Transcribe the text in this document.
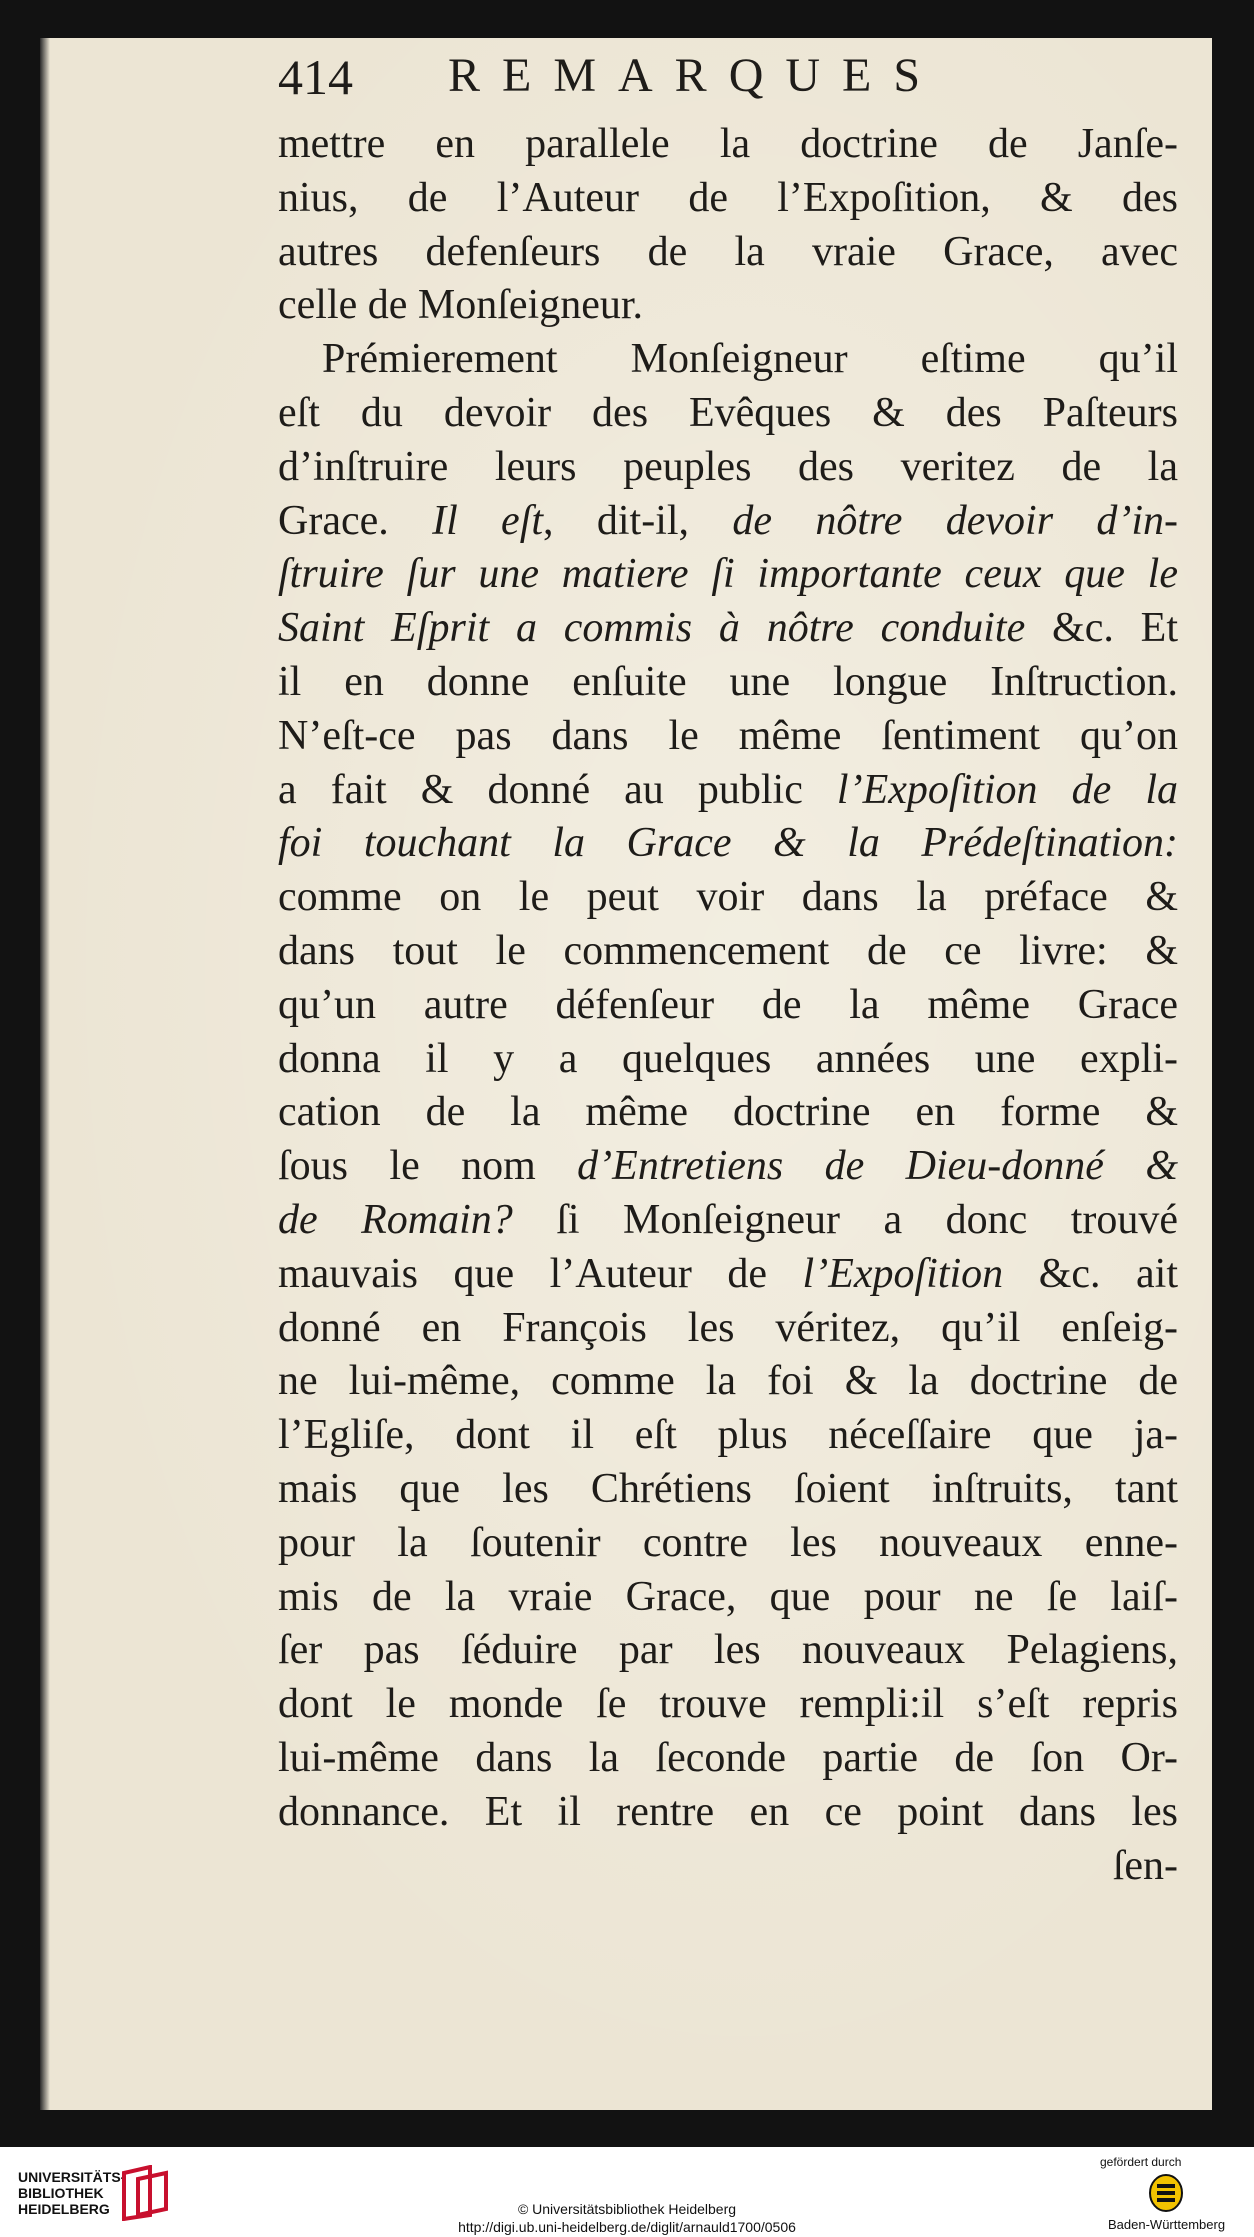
414 REMARQUES
mettre en parallele la doctrine de Janſe-
nius, de l’Auteur de l’Expoſition, & des
autres defenſeurs de la vraie Grace, avec
celle de Monſeigneur.
Prémierement Monſeigneur eſtime qu’il
eſt du devoir des Evêques & des Paſteurs
d’inſtruire leurs peuples des veritez de la
Grace. Il eſt, dit-il, de nôtre devoir d’in-
ſtruire ſur une matiere ſi importante ceux que le
Saint Eſprit a commis à nôtre conduite &c. Et
il en donne enſuite une longue Inſtruction.
N’eſt-ce pas dans le même ſentiment qu’on
a fait & donné au public l’Expoſition de la
foi touchant la Grace & la Prédeſtination:
comme on le peut voir dans la préface &
dans tout le commencement de ce livre: &
qu’un autre défenſeur de la même Grace
donna il y a quelques années une expli-
cation de la même doctrine en forme &
ſous le nom d’Entretiens de Dieu-donné &
de Romain? ſi Monſeigneur a donc trouvé
mauvais que l’Auteur de l’Expoſition &c. ait
donné en François les véritez, qu’il enſeig-
ne lui-même, comme la foi & la doctrine de
l’Egliſe, dont il eſt plus néceſſaire que ja-
mais que les Chrétiens ſoient inſtruits, tant
pour la ſoutenir contre les nouveaux enne-
mis de la vraie Grace, que pour ne ſe laiſ-
ſer pas ſéduire par les nouveaux Pelagiens,
dont le monde ſe trouve rempli:il s’eſt repris
lui-même dans la ſeconde partie de ſon Or-
donnance. Et il rentre en ce point dans les
ſen-
UNIVERSITÄTS-
BIBLIOTHEK
HEIDELBERG	© Universitätsbibliothek Heidelberg
http://digi.ub.uni-heidelberg.de/diglit/arnauld1700/0506
gefördert durch
Baden-Württemberg
